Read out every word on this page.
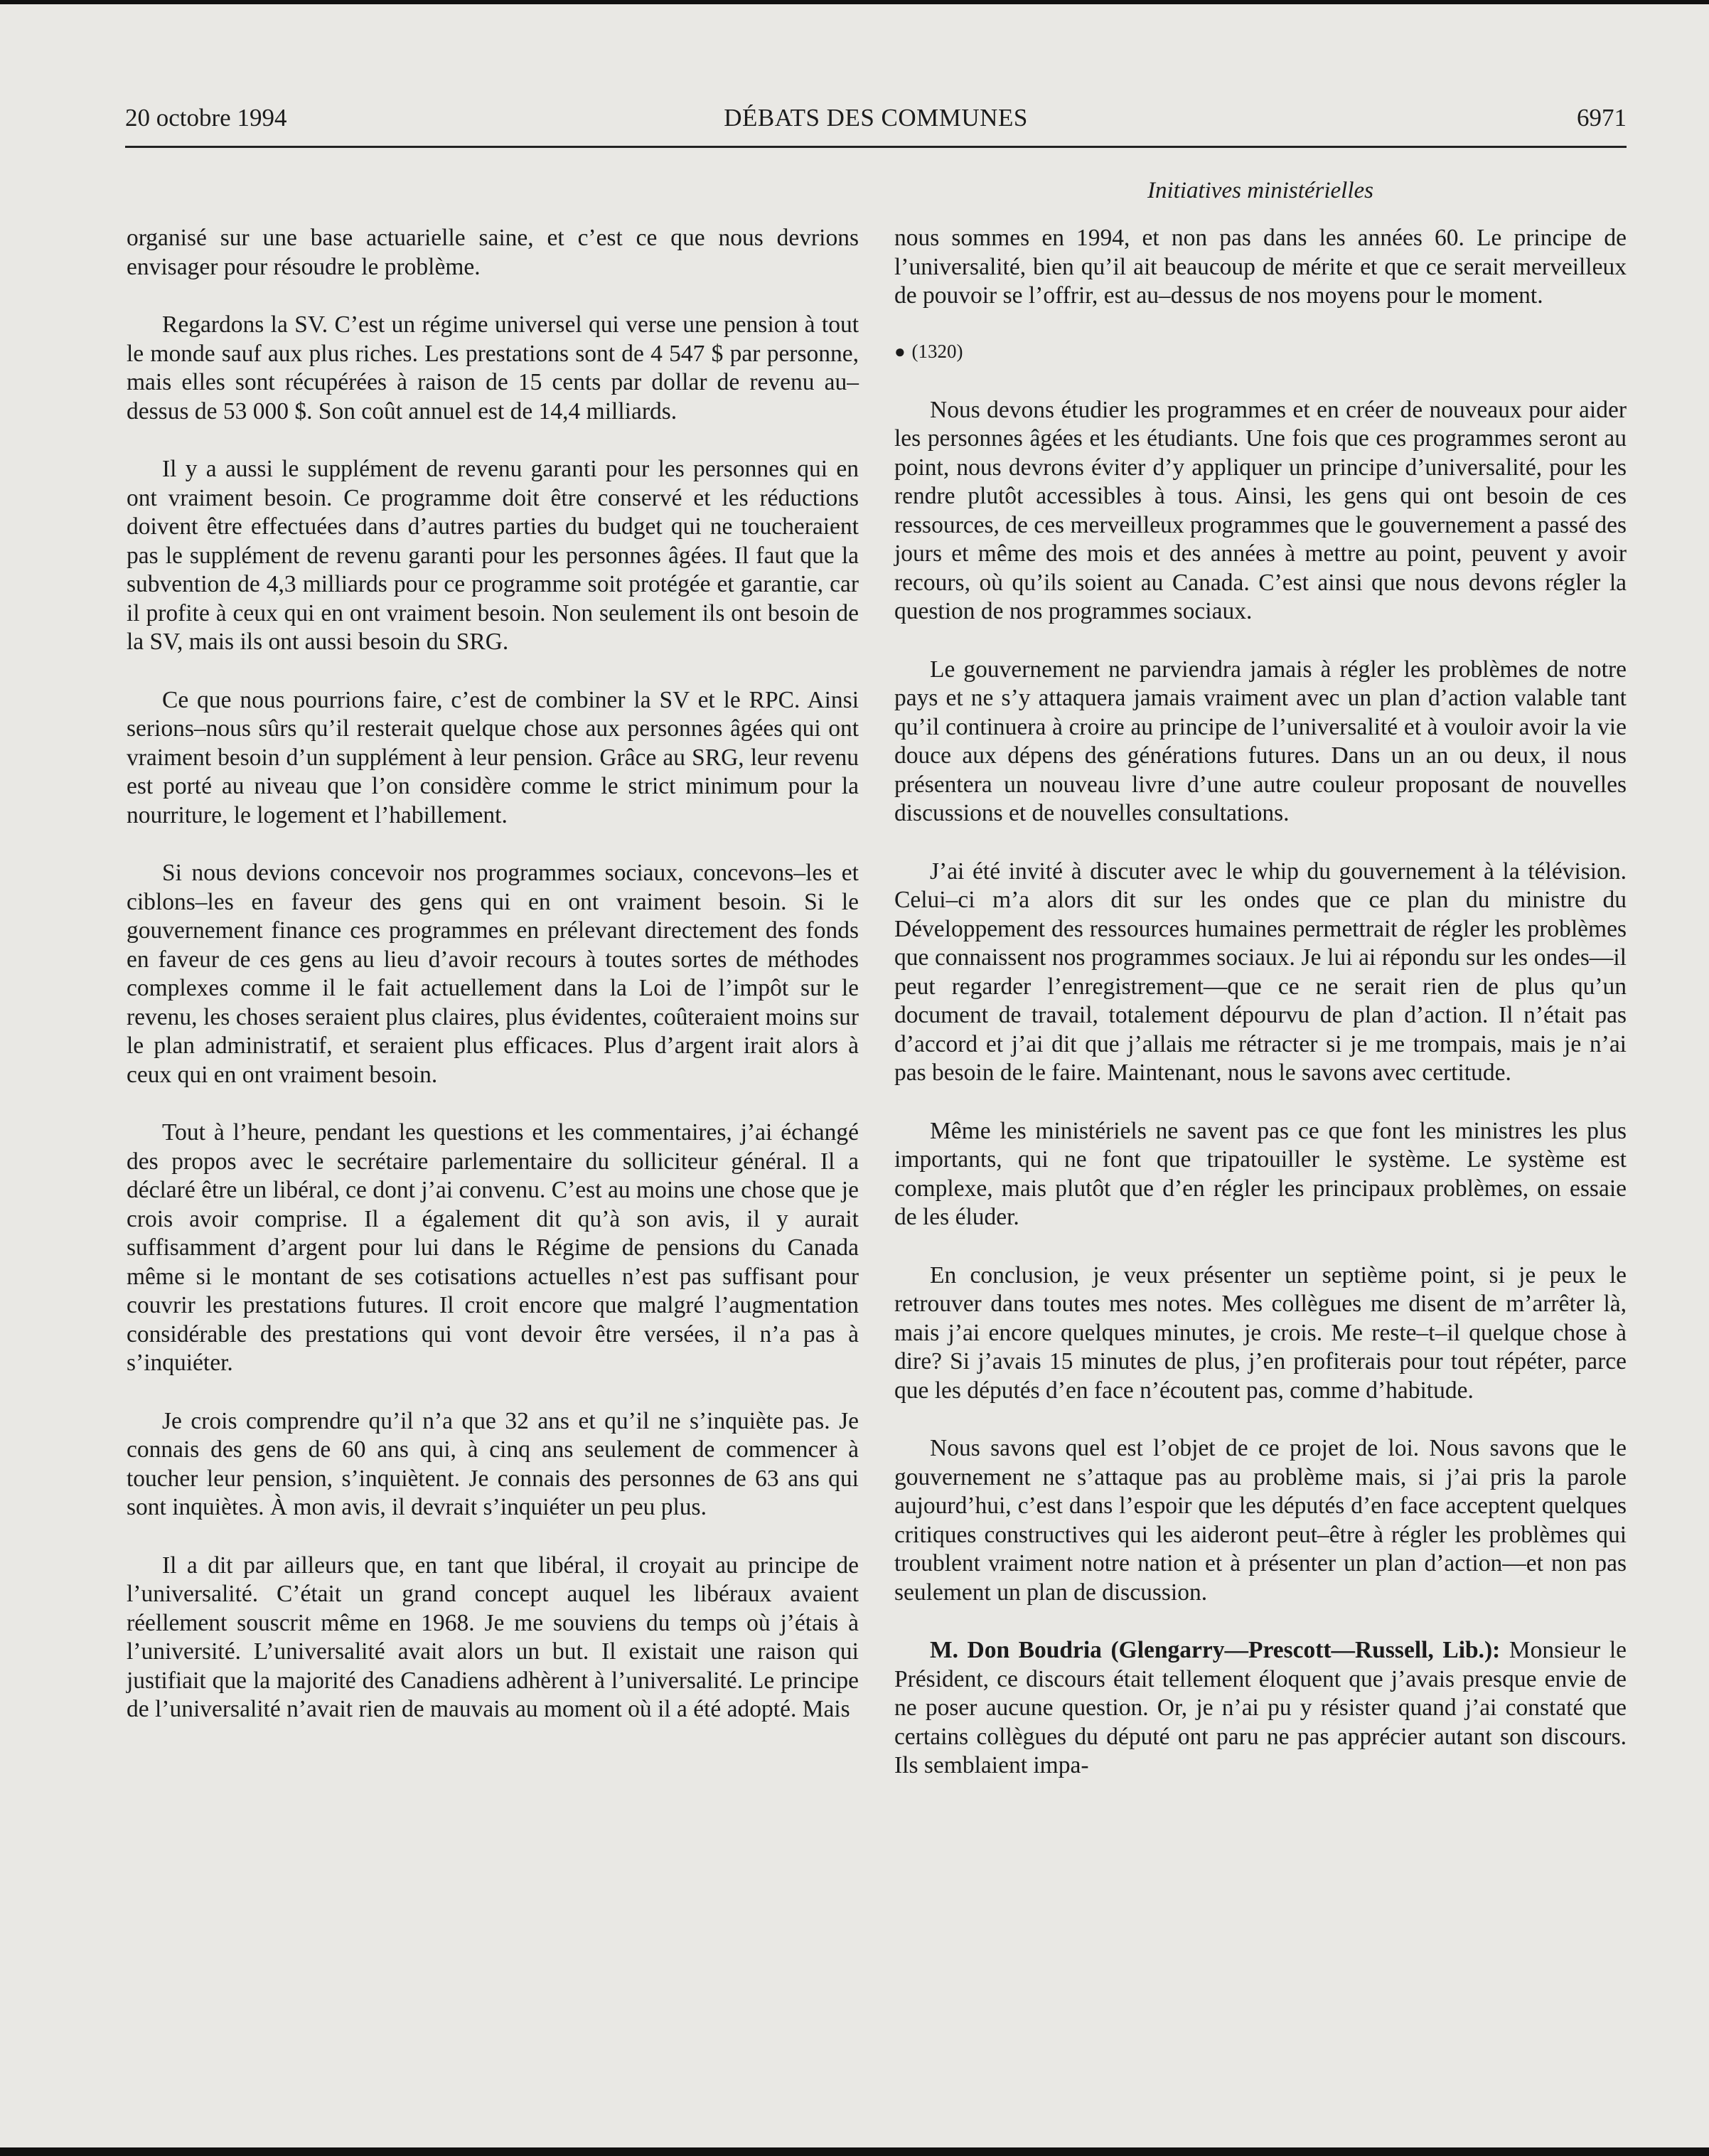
20 octobre 1994	DÉBATS DES COMMUNES	6971
Initiatives ministérielles

organisé sur une base actuarielle saine, et c’est ce que nous devrions envisager pour résoudre le problème.

Regardons la SV. C’est un régime universel qui verse une pension à tout le monde sauf aux plus riches. Les prestations sont de 4 547 $ par personne, mais elles sont récupérées à raison de 15 cents par dollar de revenu au–dessus de 53 000 $. Son coût annuel est de 14,4 milliards.

Il y a aussi le supplément de revenu garanti pour les personnes qui en ont vraiment besoin. Ce programme doit être conservé et les réductions doivent être effectuées dans d’autres parties du budget qui ne toucheraient pas le supplément de revenu garanti pour les personnes âgées. Il faut que la subvention de 4,3 milliards pour ce programme soit protégée et garantie, car il profite à ceux qui en ont vraiment besoin. Non seulement ils ont besoin de la SV, mais ils ont aussi besoin du SRG.

Ce que nous pourrions faire, c’est de combiner la SV et le RPC. Ainsi serions–nous sûrs qu’il resterait quelque chose aux personnes âgées qui ont vraiment besoin d’un supplément à leur pension. Grâce au SRG, leur revenu est porté au niveau que l’on considère comme le strict minimum pour la nourriture, le logement et l’habillement.

Si nous devions concevoir nos programmes sociaux, concevons–les et ciblons–les en faveur des gens qui en ont vraiment besoin. Si le gouvernement finance ces programmes en prélevant directement des fonds en faveur de ces gens au lieu d’avoir recours à toutes sortes de méthodes complexes comme il le fait actuellement dans la Loi de l’impôt sur le revenu, les choses seraient plus claires, plus évidentes, coûteraient moins sur le plan administratif, et seraient plus efficaces. Plus d’argent irait alors à ceux qui en ont vraiment besoin.

Tout à l’heure, pendant les questions et les commentaires, j’ai échangé des propos avec le secrétaire parlementaire du solliciteur général. Il a déclaré être un libéral, ce dont j’ai convenu. C’est au moins une chose que je crois avoir comprise. Il a également dit qu’à son avis, il y aurait suffisamment d’argent pour lui dans le Régime de pensions du Canada même si le montant de ses cotisations actuelles n’est pas suffisant pour couvrir les prestations futures. Il croit encore que malgré l’augmentation considérable des prestations qui vont devoir être versées, il n’a pas à s’inquiéter.

Je crois comprendre qu’il n’a que 32 ans et qu’il ne s’inquiète pas. Je connais des gens de 60 ans qui, à cinq ans seulement de commencer à toucher leur pension, s’inquiètent. Je connais des personnes de 63 ans qui sont inquiètes. À mon avis, il devrait s’inquiéter un peu plus.

Il a dit par ailleurs que, en tant que libéral, il croyait au principe de l’universalité. C’était un grand concept auquel les libéraux avaient réellement souscrit même en 1968. Je me souviens du temps où j’étais à l’université. L’universalité avait alors un but. Il existait une raison qui justifiait que la majorité des Canadiens adhèrent à l’universalité. Le principe de l’universalité n’avait rien de mauvais au moment où il a été adopté. Mais

nous sommes en 1994, et non pas dans les années 60. Le principe de l’universalité, bien qu’il ait beaucoup de mérite et que ce serait merveilleux de pouvoir se l’offrir, est au–dessus de nos moyens pour le moment.

● (1320)

Nous devons étudier les programmes et en créer de nouveaux pour aider les personnes âgées et les étudiants. Une fois que ces programmes seront au point, nous devrons éviter d’y appliquer un principe d’universalité, pour les rendre plutôt accessibles à tous. Ainsi, les gens qui ont besoin de ces ressources, de ces merveilleux programmes que le gouvernement a passé des jours et même des mois et des années à mettre au point, peuvent y avoir recours, où qu’ils soient au Canada. C’est ainsi que nous devons régler la question de nos programmes sociaux.

Le gouvernement ne parviendra jamais à régler les problèmes de notre pays et ne s’y attaquera jamais vraiment avec un plan d’action valable tant qu’il continuera à croire au principe de l’universalité et à vouloir avoir la vie douce aux dépens des générations futures. Dans un an ou deux, il nous présentera un nouveau livre d’une autre couleur proposant de nouvelles discussions et de nouvelles consultations.

J’ai été invité à discuter avec le whip du gouvernement à la télévision. Celui–ci m’a alors dit sur les ondes que ce plan du ministre du Développement des ressources humaines permettrait de régler les problèmes que connaissent nos programmes sociaux. Je lui ai répondu sur les ondes—il peut regarder l’enregistrement—que ce ne serait rien de plus qu’un document de travail, totalement dépourvu de plan d’action. Il n’était pas d’accord et j’ai dit que j’allais me rétracter si je me trompais, mais je n’ai pas besoin de le faire. Maintenant, nous le savons avec certitude.

Même les ministériels ne savent pas ce que font les ministres les plus importants, qui ne font que tripatouiller le système. Le système est complexe, mais plutôt que d’en régler les principaux problèmes, on essaie de les éluder.

En conclusion, je veux présenter un septième point, si je peux le retrouver dans toutes mes notes. Mes collègues me disent de m’arrêter là, mais j’ai encore quelques minutes, je crois. Me reste–t–il quelque chose à dire? Si j’avais 15 minutes de plus, j’en profiterais pour tout répéter, parce que les députés d’en face n’écoutent pas, comme d’habitude.

Nous savons quel est l’objet de ce projet de loi. Nous savons que le gouvernement ne s’attaque pas au problème mais, si j’ai pris la parole aujourd’hui, c’est dans l’espoir que les députés d’en face acceptent quelques critiques constructives qui les aideront peut–être à régler les problèmes qui troublent vraiment notre nation et à présenter un plan d’action—et non pas seulement un plan de discussion.

M. Don Boudria (Glengarry—Prescott—Russell, Lib.): Monsieur le Président, ce discours était tellement éloquent que j’avais presque envie de ne poser aucune question. Or, je n’ai pu y résister quand j’ai constaté que certains collègues du député ont paru ne pas apprécier autant son discours. Ils semblaient impa-
